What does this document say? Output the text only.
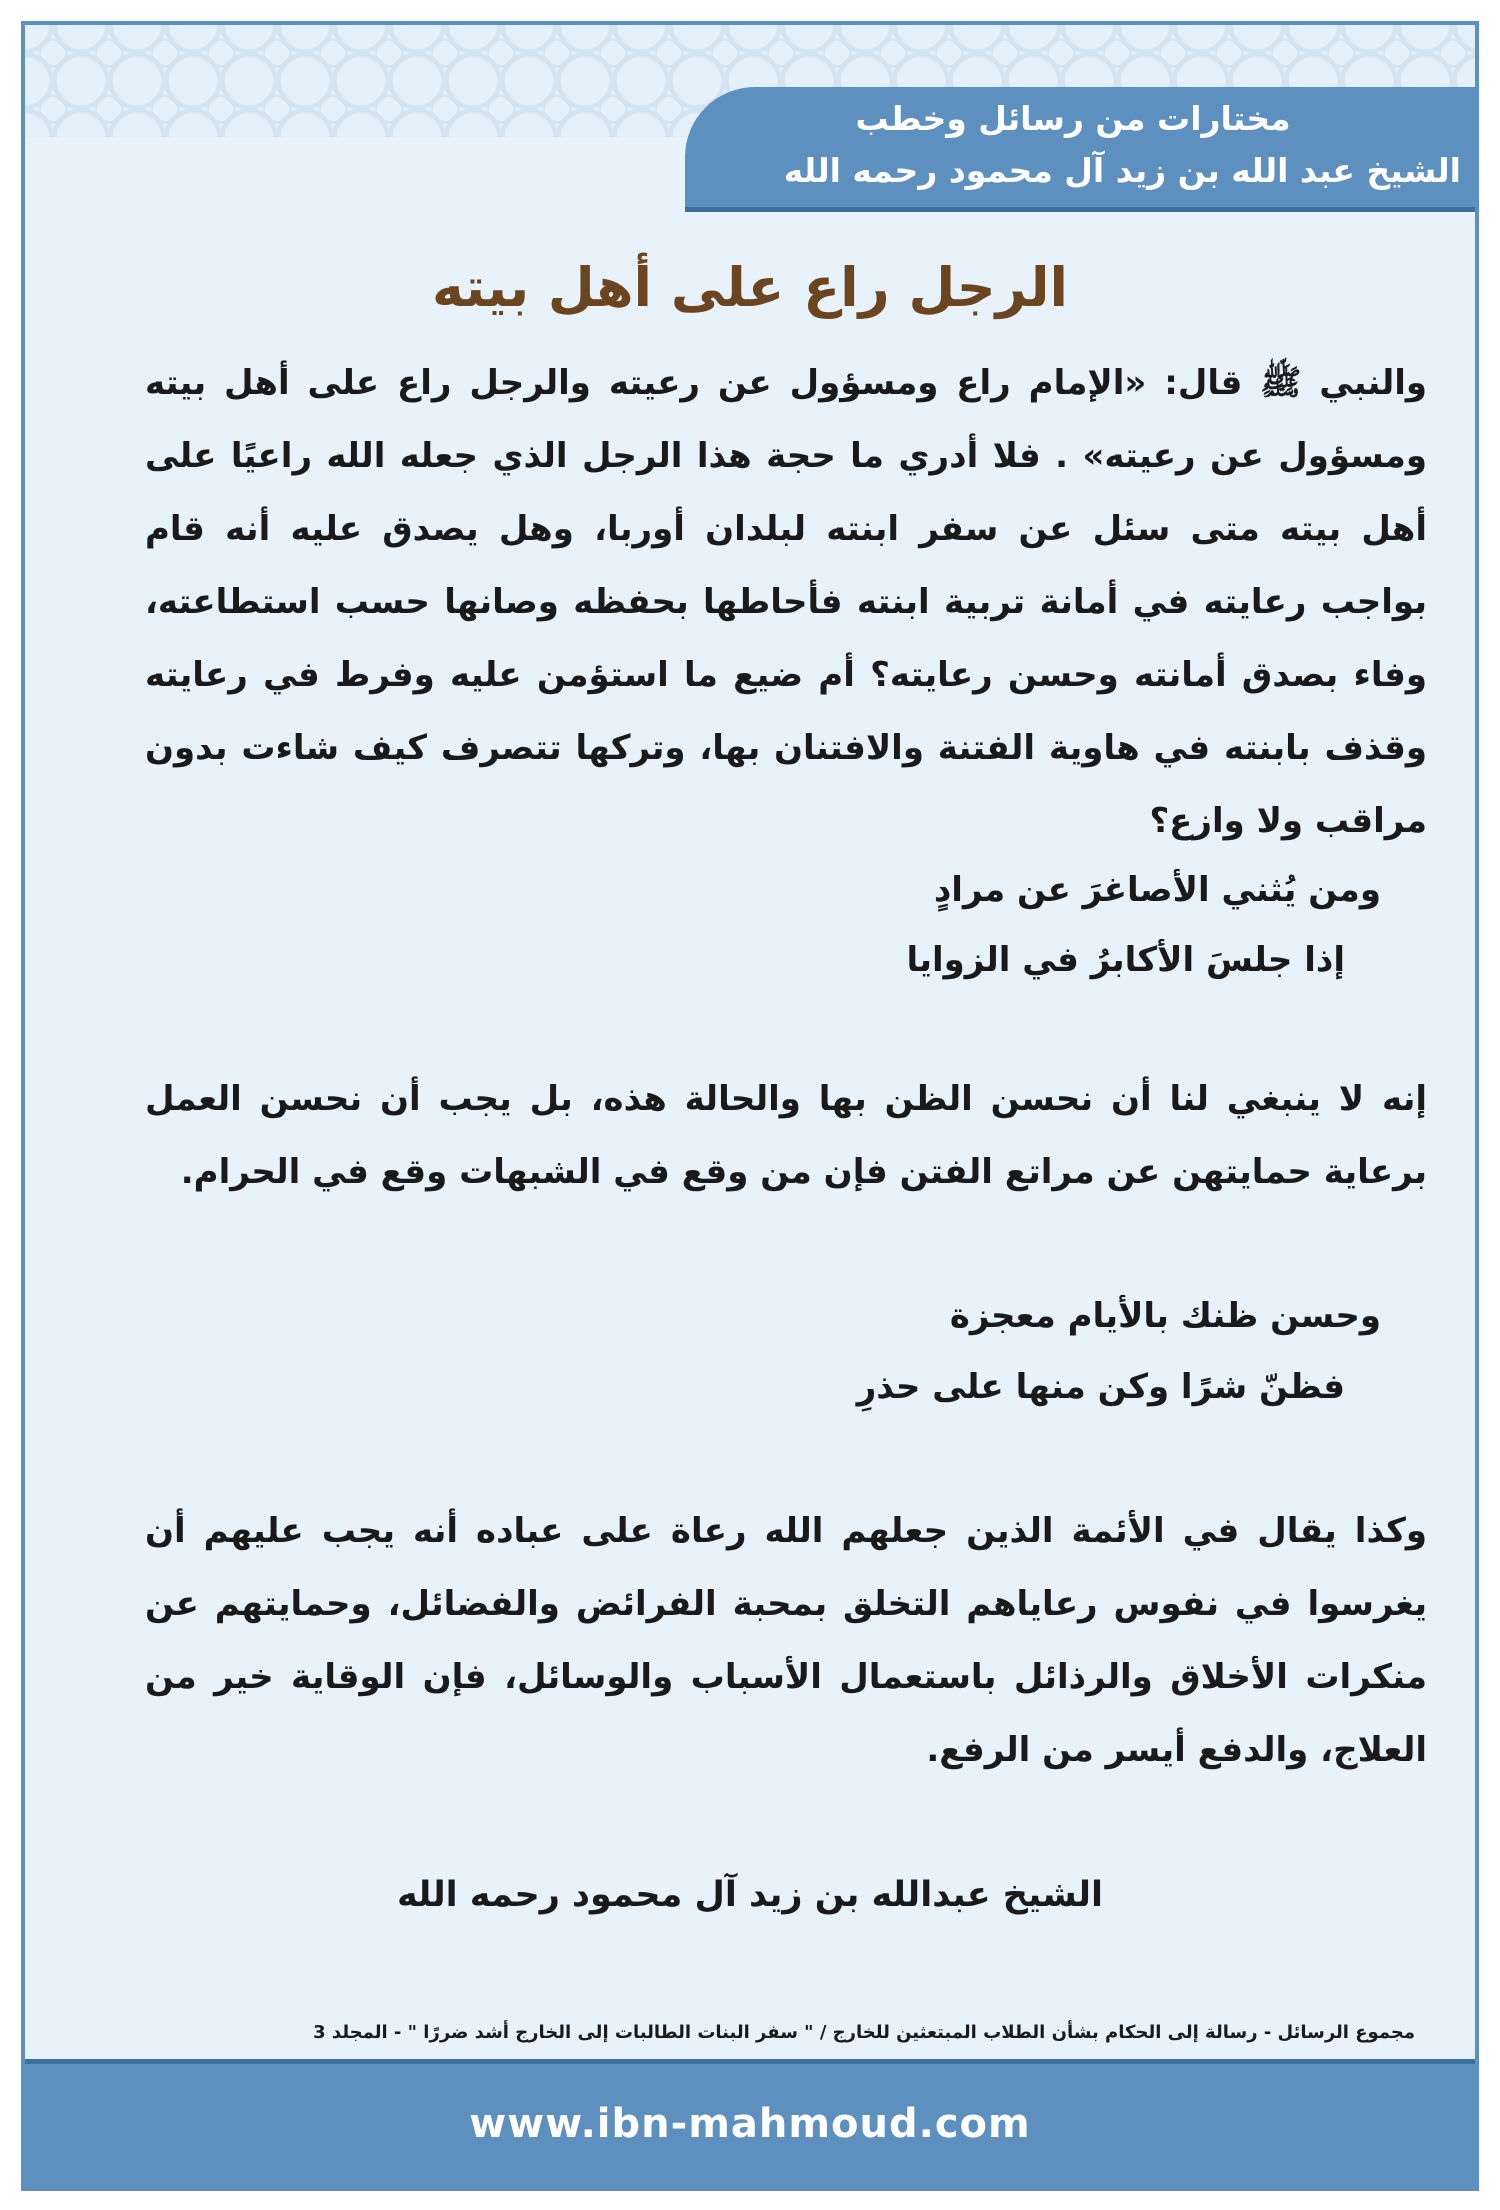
مختارات من رسائل وخطب
الشيخ عبد الله بن زيد آل محمود رحمه الله
الرجل راع على أهل بيته

والنبي ﷺ قال: «الإمام راع ومسؤول عن رعيته والرجل راع على أهل بيته ومسؤول عن رعيته» . فلا أدري ما حجة هذا الرجل الذي جعله الله راعيًا على أهل بيته متى سئل عن سفر ابنته لبلدان أوربا، وهل يصدق عليه أنه قام بواجب رعايته في أمانة تربية ابنته فأحاطها بحفظه وصانها حسب استطاعته، وفاء بصدق أمانته وحسن رعايته؟ أم ضيع ما استؤمن عليه وفرط في رعايته وقذف بابنته في هاوية الفتنة والافتنان بها، وتركها تتصرف كيف شاءت بدون مراقب ولا وازع؟

ومن يُثني الأصاغرَ عن مرادٍ

إذا جلسَ الأكابرُ في الزوايا

إنه لا ينبغي لنا أن نحسن الظن بها والحالة هذه، بل يجب أن نحسن العمل برعاية حمايتهن عن مراتع الفتن فإن من وقع في الشبهات وقع في الحرام.

وحسن ظنك بالأيام معجزة

فظنّ شرًا وكن منها على حذرِ

وكذا يقال في الأئمة الذين جعلهم الله رعاة على عباده أنه يجب عليهم أن يغرسوا في نفوس رعاياهم التخلق بمحبة الفرائض والفضائل، وحمايتهم عن منكرات الأخلاق والرذائل باستعمال الأسباب والوسائل، فإن الوقاية خير من العلاج، والدفع أيسر من الرفع.

الشيخ عبدالله بن زيد آل محمود رحمه الله

مجموع الرسائل - رسالة إلى الحكام بشأن الطلاب المبتعثين للخارج / " سفر البنات الطالبات إلى الخارج أشد ضررًا " - المجلد 3

www.ibn-mahmoud.com
